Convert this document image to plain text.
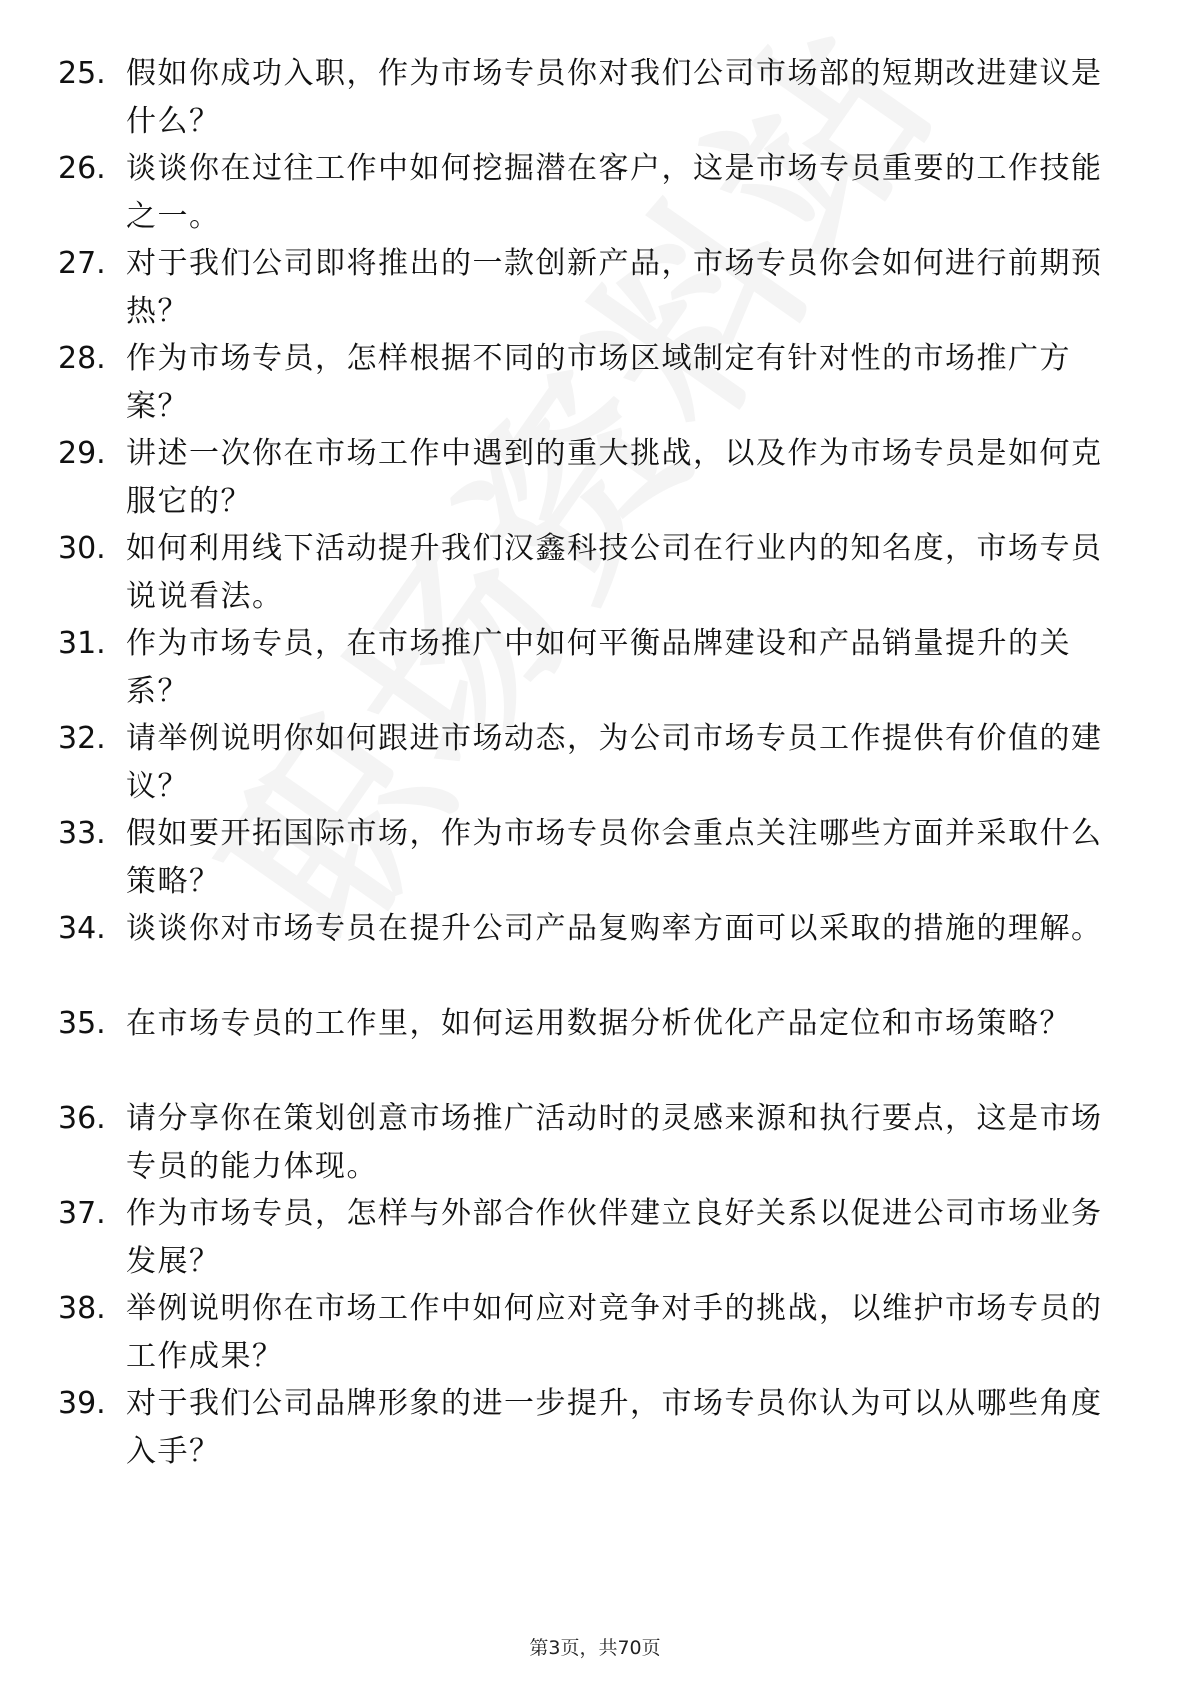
25. 假如你成功入职，作为市场专员你对我们公司市场部的短期改进建议是什么？
26. 谈谈你在过往工作中如何挖掘潜在客户，这是市场专员重要的工作技能之一。
27. 对于我们公司即将推出的一款创新产品，市场专员你会如何进行前期预热？
28. 作为市场专员，怎样根据不同的市场区域制定有针对性的市场推广方案？
29. 讲述一次你在市场工作中遇到的重大挑战，以及作为市场专员是如何克服它的？
30. 如何利用线下活动提升我们汉鑫科技公司在行业内的知名度，市场专员说说看法。
31. 作为市场专员，在市场推广中如何平衡品牌建设和产品销量提升的关系？
32. 请举例说明你如何跟进市场动态，为公司市场专员工作提供有价值的建议？
33. 假如要开拓国际市场，作为市场专员你会重点关注哪些方面并采取什么策略？
34. 谈谈你对市场专员在提升公司产品复购率方面可以采取的措施的理解。
35. 在市场专员的工作里，如何运用数据分析优化产品定位和市场策略？
36. 请分享你在策划创意市场推广活动时的灵感来源和执行要点，这是市场专员的能力体现。
37. 作为市场专员，怎样与外部合作伙伴建立良好关系以促进公司市场业务发展？
38. 举例说明你在市场工作中如何应对竞争对手的挑战，以维护市场专员的工作成果？
39. 对于我们公司品牌形象的进一步提升，市场专员你认为可以从哪些角度入手？
第3页，共70页
